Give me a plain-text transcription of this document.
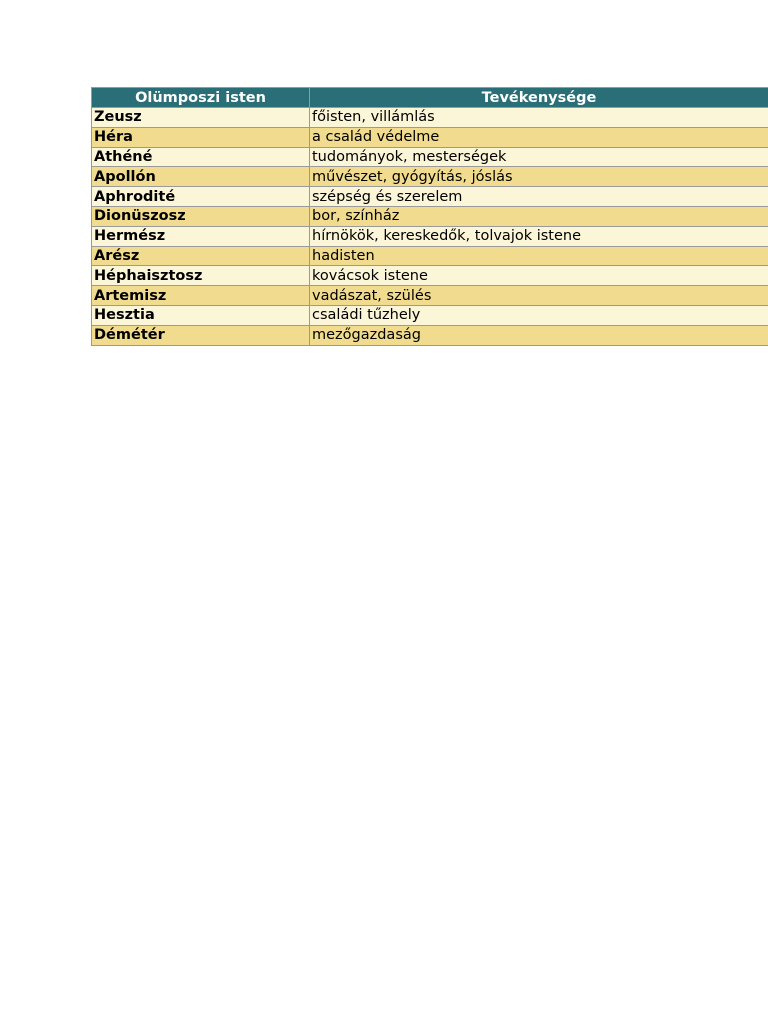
Olümposzi isten	Tevékenysége
Zeusz	főisten, villámlás
Héra	a család védelme
Athéné	tudományok, mesterségek
Apollón	művészet, gyógyítás, jóslás
Aphrodité	szépség és szerelem
Dionüszosz	bor, színház
Hermész	hírnökök, kereskedők, tolvajok istene
Arész	hadisten
Héphaisztosz	kovácsok istene
Artemisz	vadászat, szülés
Hesztia	családi tűzhely
Démétér	mezőgazdaság
